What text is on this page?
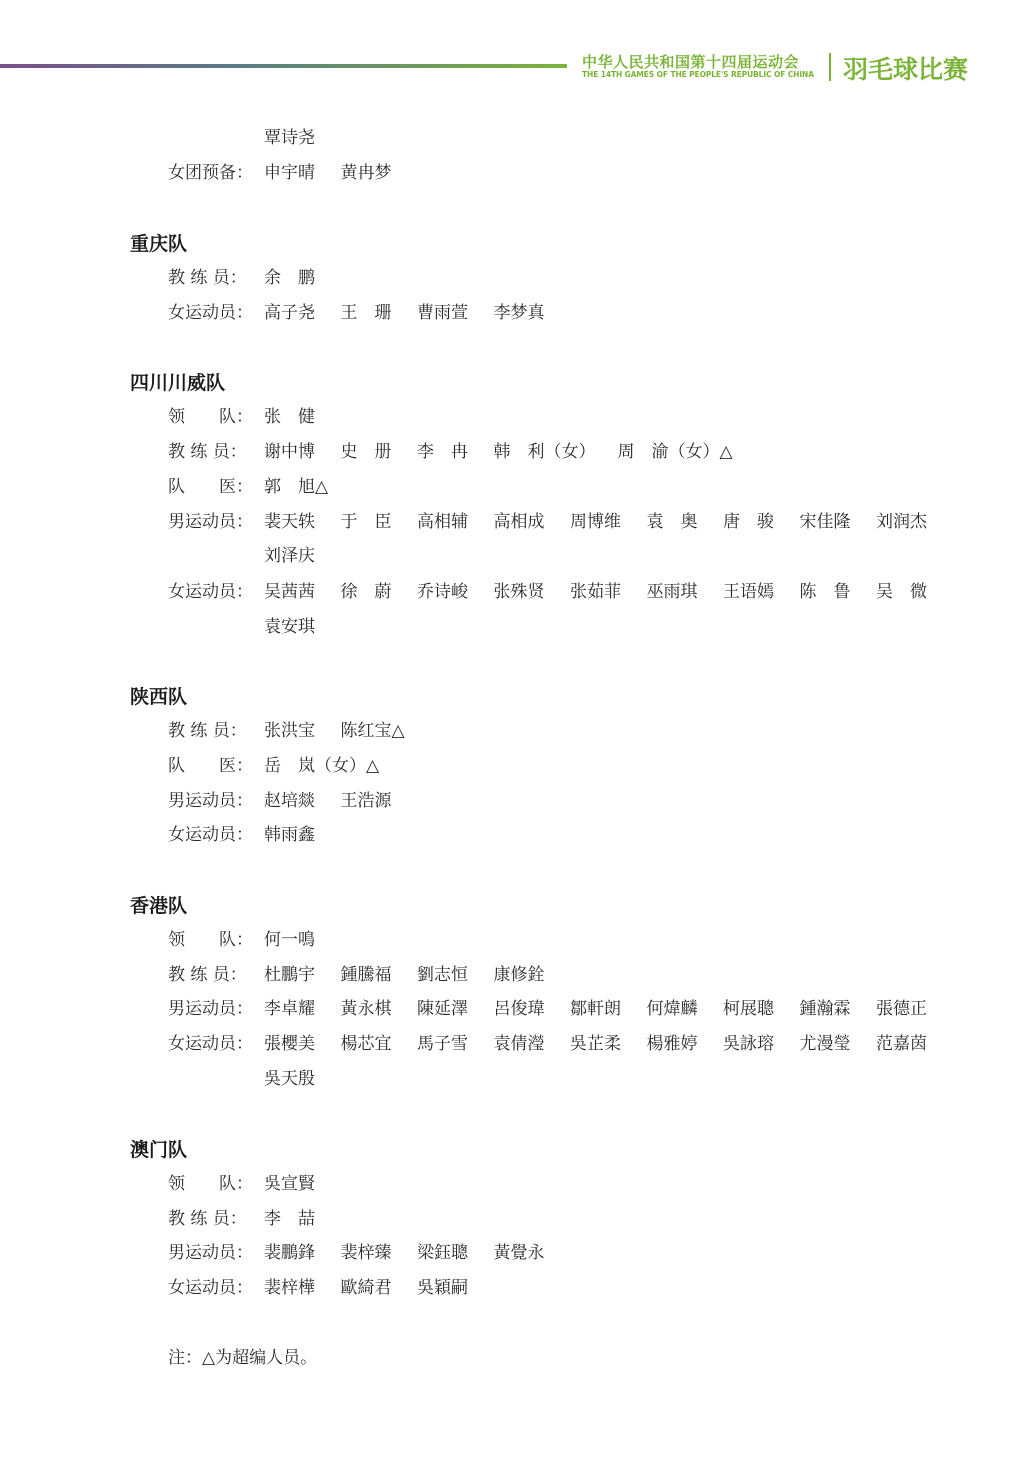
中华人民共和国第十四届运动会
THE 14TH GAMES OF THE PEOPLE'S REPUBLIC OF CHINA 羽毛球比赛
覃诗尧
女团预备： 申宇晴 黄冉梦
重庆队
教 练 员： 余　鹏
女运动员： 高子尧 王　珊 曹雨萱 李梦真
四川川威队
领　　队： 张　健
教 练 员： 谢中博 史　册 李　冉 韩　利（女） 周　渝（女）△
队　　医： 郭　旭△
男运动员： 裴天轶 于　臣 高相辅 高相成 周博维 袁　奥 唐　骏 宋佳隆 刘润杰
刘泽庆
女运动员： 吴茜茜 徐　蔚 乔诗峻 张殊贤 张茹菲 巫雨琪 王语嫣 陈　鲁 吴　微
袁安琪
陕西队
教 练 员： 张洪宝 陈红宝△
队　　医： 岳　岚（女）△
男运动员： 赵培燚 王浩源
女运动员： 韩雨鑫
香港队
领　　队： 何一鳴
教 练 员： 杜鵬宇 鍾騰福 劉志恒 康修銓
男运动员： 李卓耀 黃永棋 陳延澤 呂俊瑋 鄒軒朗 何煒麟 柯展聰 鍾瀚霖 張德正
女运动员： 張櫻美 楊芯宜 馬子雪 袁倩瀅 吳芷柔 楊雅婷 吳詠瑢 尤漫瑩 范嘉茵
吳天殷
澳门队
领　　队： 吳宣賢
教 练 员： 李　喆
男运动员： 裴鵬鋒 裴梓臻 梁鈺聰 黃覺永
女运动员： 裴梓樺 歐綺君 吳穎嗣
注：△为超编人员。
